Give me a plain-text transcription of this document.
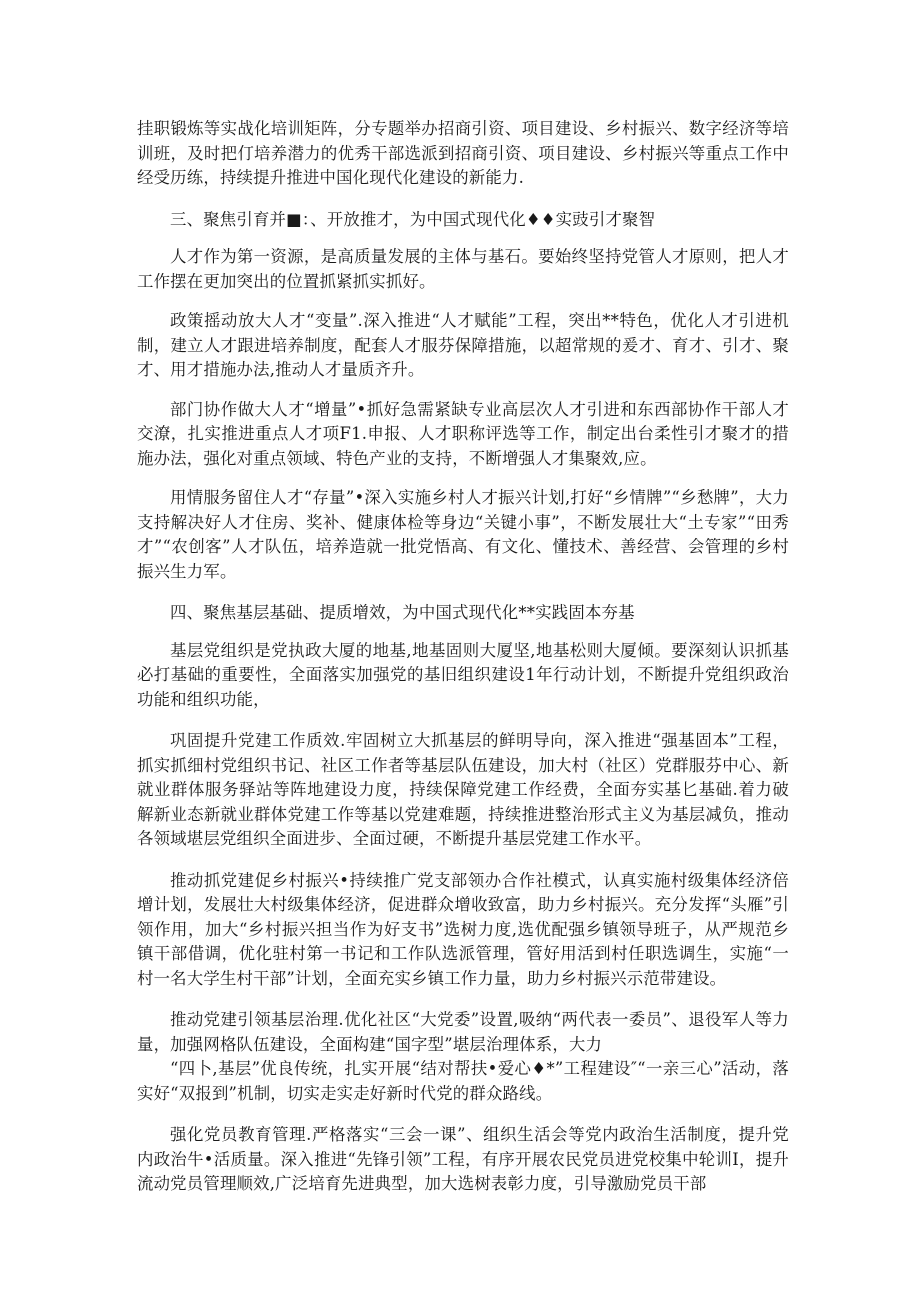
挂职锻炼等实战化培训矩阵，分专题举办招商引资、项目建设、乡村振兴、数字经济等培训班，及时把仃培养潜力的优秀干部选派到招商引资、项目建设、乡村振兴等重点工作中经受历练，持续提升推进中国化现代化建设的新能力.

三、聚焦引育并■：、开放推才，为中国式现代化♦♦实豉引才聚智

人才作为第一资源，是高质量发展的主体与基石。要始终坚持党管人才原则，把人才工作摆在更加突出的位置抓紧抓实抓好。

政策摇动放大人才“变量”.深入推进“人才赋能”工程，突出**特色，优化人才引进机制，建立人才跟进培养制度，配套人才服芬保障措施，以超常规的爰才、育才、引才、聚才、用才措施办法,推动人才量质齐升。

部门协作做大人才“增量”•抓好急需紧缺专业高层次人才引进和东西部协作干部人才交潦，扎实推进重点人才项F1.申报、人才职称评选等工作，制定出台柔性引才聚才的措施办法，强化对重点领域、特色产业的支持，不断增强人才集聚效,应。

用情服务留住人才“存量”•深入实施乡村人才振兴计划,打好“乡情牌”“乡愁牌”，大力支持解决好人才住房、奖补、健康体检等身边“关键小事”，不断发展壮大“土专家”“田秀才”“农创客”人才队伍，培养造就一批党悟高、有文化、懂技术、善经营、会管理的乡村振兴生力军。

四、聚焦基层基础、提质增效，为中国式现代化**实践固本夯基

基层党组织是党执政大厦的地基,地基固则大厦坚,地基松则大厦倾。要深刻认识抓基必打基础的重要性，全面落实加强党的基旧组织建设1年行动计划，不断提升党组织政治功能和组织功能，

巩固提升党建工作质效.牢固树立大抓基层的鲜明导向，深入推进“强基固本”工程，抓实抓细村党组织书记、社区工作者等基层队伍建设，加大村（社区）党群服芬中心、新就业群体服务驿站等阵地建设力度，持续保障党建工作经费，全面夯实基匕基础.着力破解新业态新就业群体党建工作等基以党建难题，持续推进整治形式主义为基层减负，推动各领域堪层党组织全面进步、全面过硬，不断提升基层党建工作水平。

推动抓党建促乡村振兴•持续推广党支部领办合作社模式，认真实施村级集体经济倍增计划，发展壮大村级集体经济，促进群众增收致富，助力乡村振兴。充分发挥“头雁”引领作用，加大“乡村振兴担当作为好支书”选树力度,选优配强乡镇领导班子，从严规范乡镇干部借调，优化驻村第一书记和工作队选派管理，管好用活到村任职选调生，实施“一村一名大学生村干部”计划，全面充实乡镇工作力量，助力乡村振兴示范带建设。

推动党建引领基层治理.优化社区“大党委”设置,吸纳“两代表一委员”、退役军人等力量，加强网格队伍建设，全面构建“国字型”堪层治理体系，大力

“四卜,基层”优良传统，扎实开展“结对帮扶•爱心♦*”工程建设″“一亲三心”活动，落实好“双报到”机制，切实走实走好新时代党的群众路线。

强化党员教育管理.严格落实“三会一课”、组织生活会等党内政治生活制度，提升党内政治牛•活质量。深入推进“先锋引领”工程，有序开展农民党员进党校集中轮训I，提升流动党员管理顺效,广泛培育先进典型，加大选树表彰力度，引导激励党员干部
